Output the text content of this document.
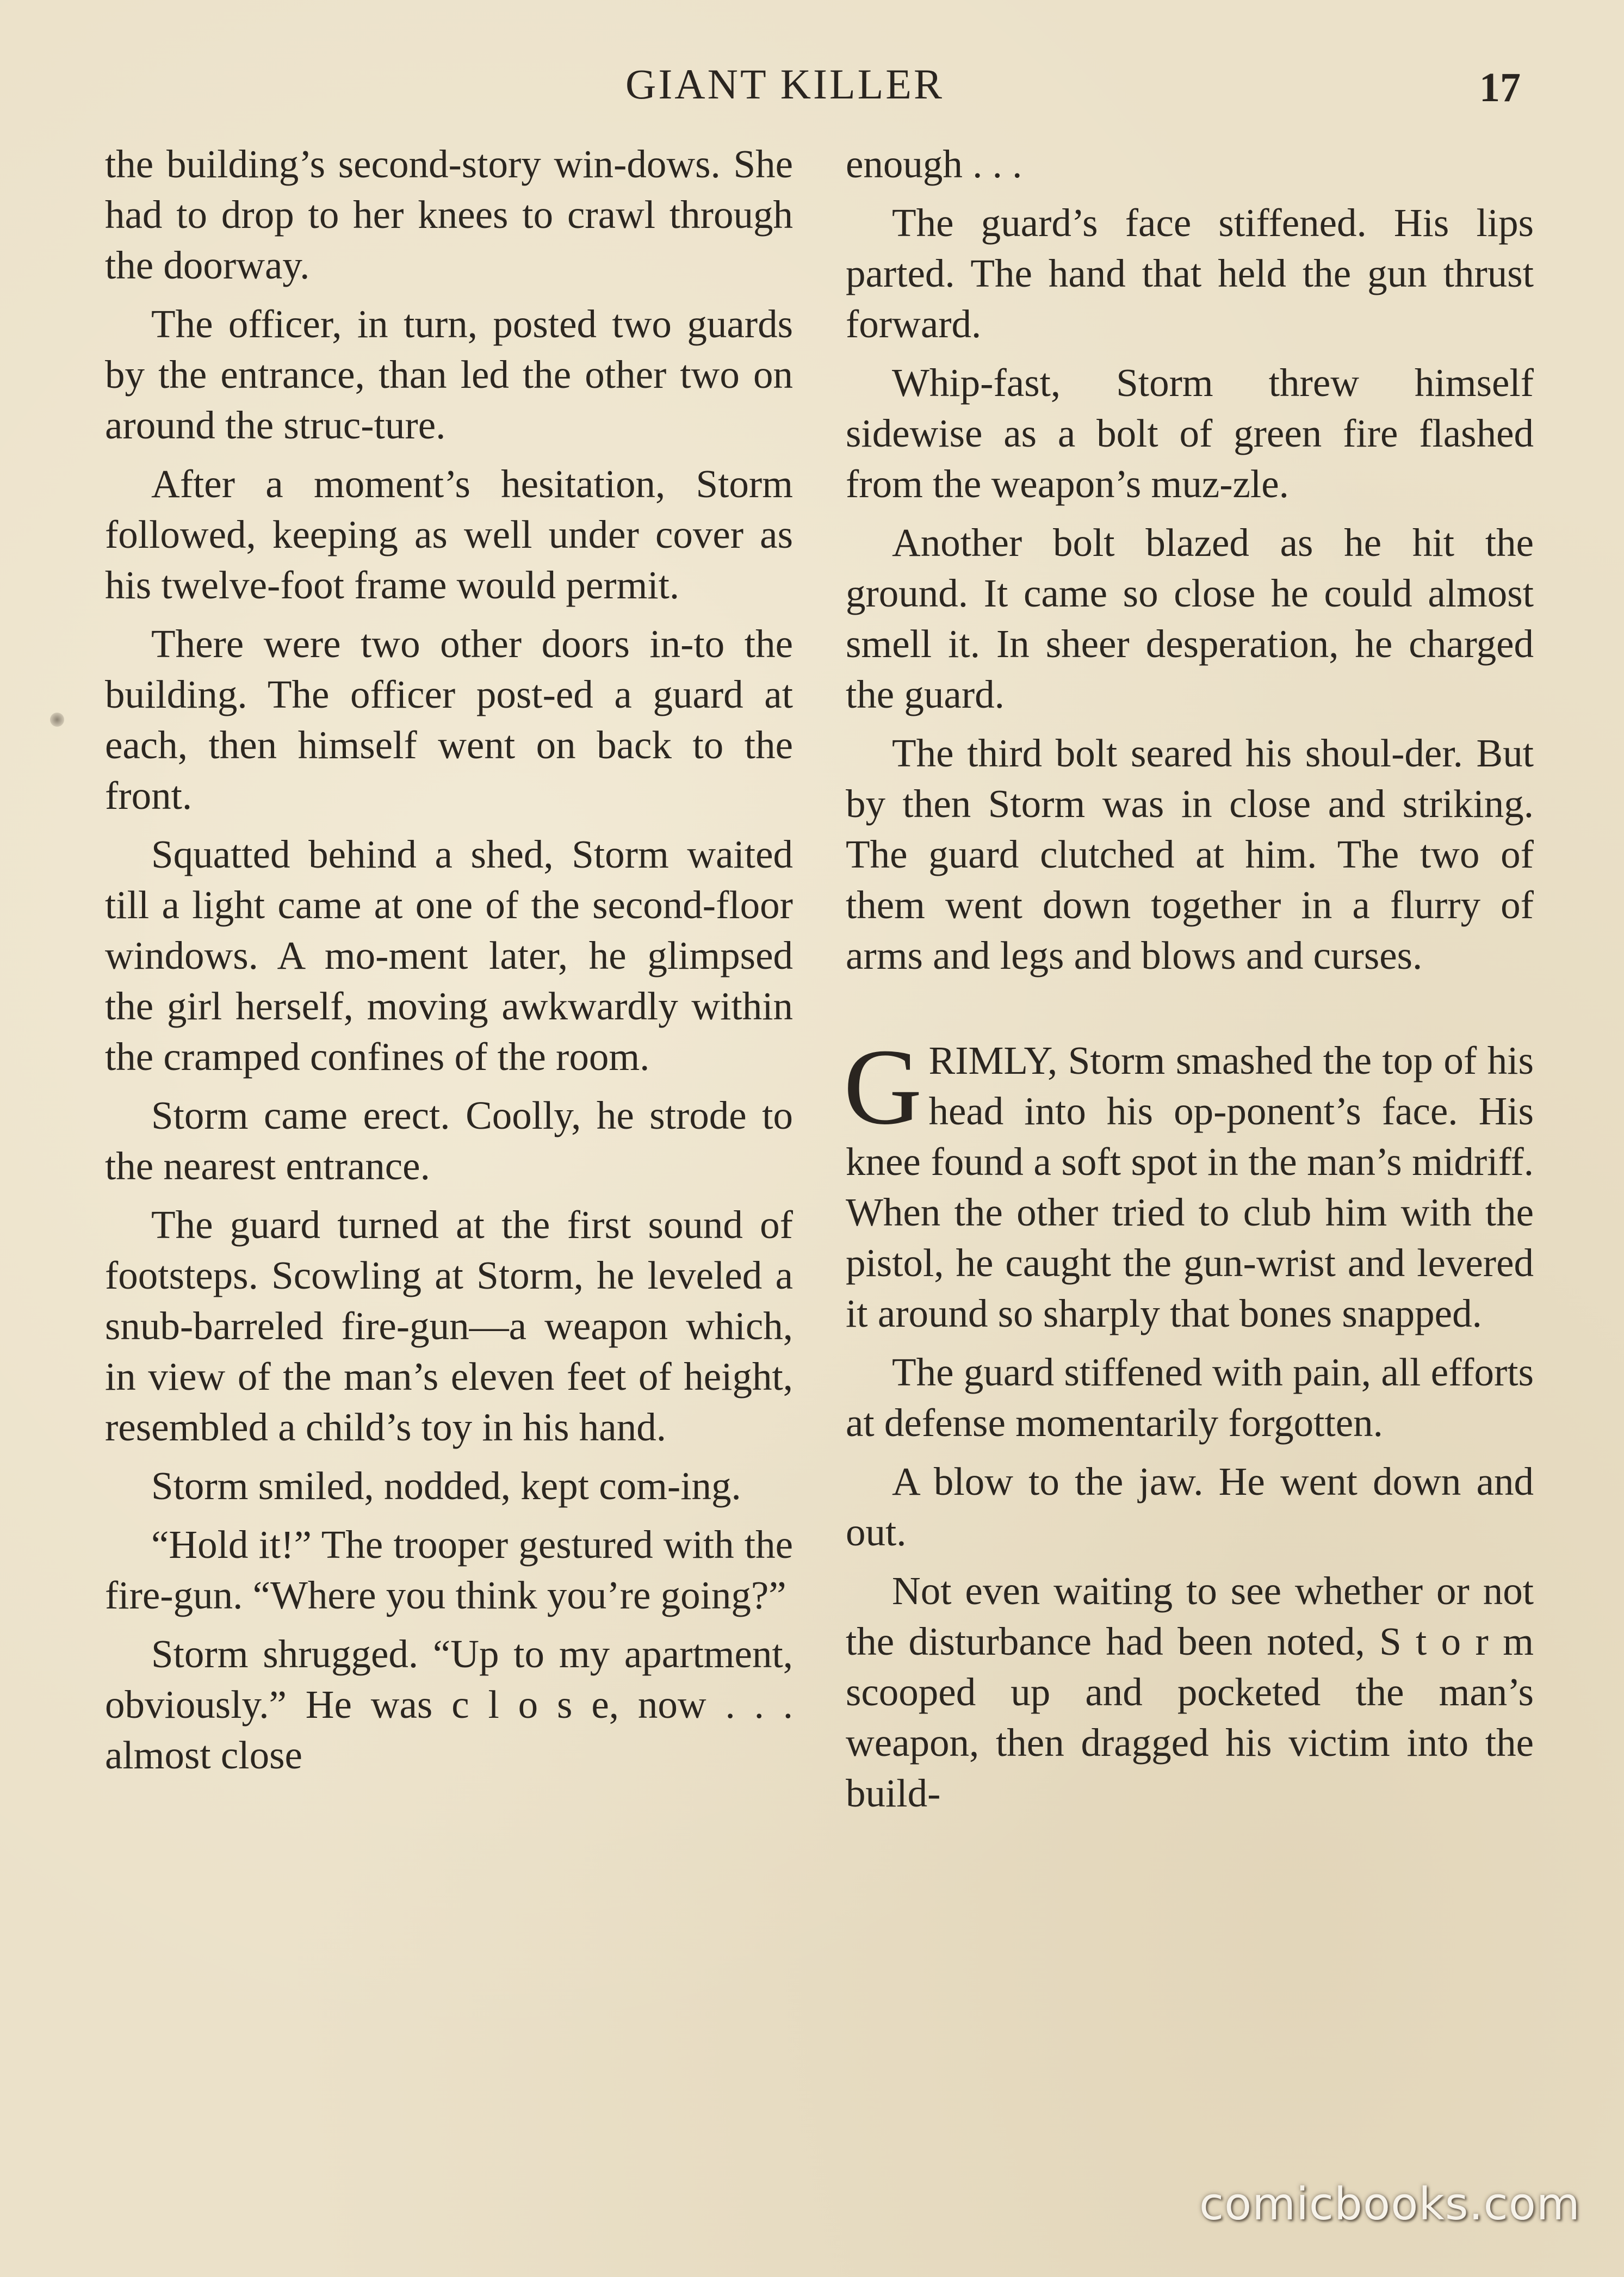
GIANT KILLER	17

the building’s second-story win-dows. She had to drop to her knees to crawl through the doorway.

The officer, in turn, posted two guards by the entrance, than led the other two on around the struc-ture.

After a moment’s hesitation, Storm followed, keeping as well under cover as his twelve-foot frame would permit.

There were two other doors in-to the building. The officer post-ed a guard at each, then himself went on back to the front.

Squatted behind a shed, Storm waited till a light came at one of the second-floor windows. A mo-ment later, he glimpsed the girl herself, moving awkwardly within the cramped confines of the room.

Storm came erect. Coolly, he strode to the nearest entrance.

The guard turned at the first sound of footsteps. Scowling at Storm, he leveled a snub-barreled fire-gun—a weapon which, in view of the man’s eleven feet of height, resembled a child’s toy in his hand.

Storm smiled, nodded, kept com-ing.

“Hold it!” The trooper gestured with the fire-gun. “Where you think you’re going?”

Storm shrugged. “Up to my apartment, obviously.” He was c l o s e, now . . . almost close

enough . . .

The guard’s face stiffened. His lips parted. The hand that held the gun thrust forward.

Whip-fast, Storm threw himself sidewise as a bolt of green fire flashed from the weapon’s muz-zle.

Another bolt blazed as he hit the ground. It came so close he could almost smell it. In sheer desperation, he charged the guard.

The third bolt seared his shoul-der. But by then Storm was in close and striking. The guard clutched at him. The two of them went down together in a flurry of arms and legs and blows and curses.

GRIMLY, Storm smashed the top of his head into his op-ponent’s face. His knee found a soft spot in the man’s midriff. When the other tried to club him with the pistol, he caught the gun-wrist and levered it around so sharply that bones snapped.

The guard stiffened with pain, all efforts at defense momentarily forgotten.

A blow to the jaw. He went down and out.

Not even waiting to see whether or not the disturbance had been noted, S t o r m scooped up and pocketed the man’s weapon, then dragged his victim into the build-

comicbooks.com
